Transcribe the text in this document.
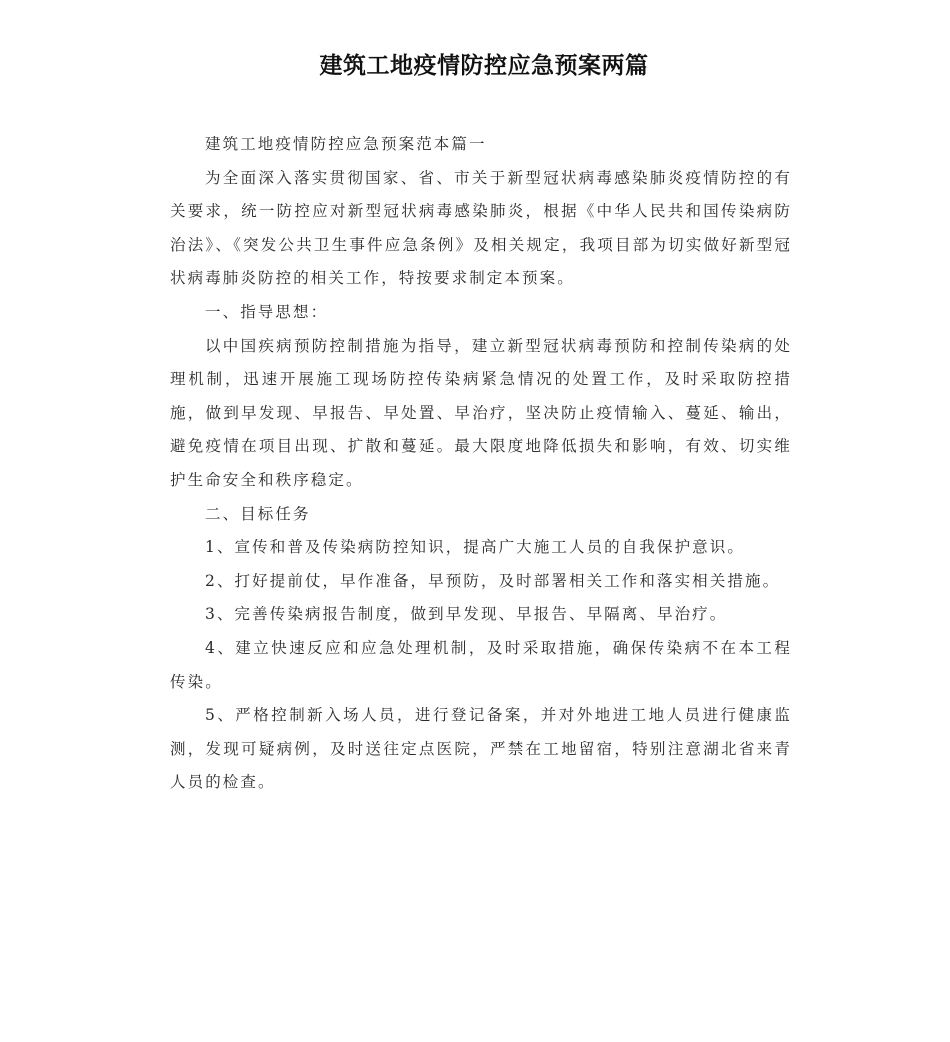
建筑工地疫情防控应急预案两篇

建筑工地疫情防控应急预案范本篇一

为全面深入落实贯彻国家、省、市关于新型冠状病毒感染肺炎疫情防控的有关要求，统一防控应对新型冠状病毒感染肺炎，根据《中华人民共和国传染病防治法》、《突发公共卫生事件应急条例》及相关规定，我项目部为切实做好新型冠状病毒肺炎防控的相关工作，特按要求制定本预案。

一、指导思想：

以中国疾病预防控制措施为指导，建立新型冠状病毒预防和控制传染病的处理机制，迅速开展施工现场防控传染病紧急情况的处置工作，及时采取防控措施，做到早发现、早报告、早处置、早治疗，坚决防止疫情输入、蔓延、输出，避免疫情在项目出现、扩散和蔓延。最大限度地降低损失和影响，有效、切实维护生命安全和秩序稳定。

二、目标任务

1、宣传和普及传染病防控知识，提高广大施工人员的自我保护意识。

2、打好提前仗，早作准备，早预防，及时部署相关工作和落实相关措施。

3、完善传染病报告制度，做到早发现、早报告、早隔离、早治疗。

4、建立快速反应和应急处理机制，及时采取措施，确保传染病不在本工程传染。

5、严格控制新入场人员，进行登记备案，并对外地进工地人员进行健康监测，发现可疑病例，及时送往定点医院，严禁在工地留宿，特别注意湖北省来青人员的检查。
